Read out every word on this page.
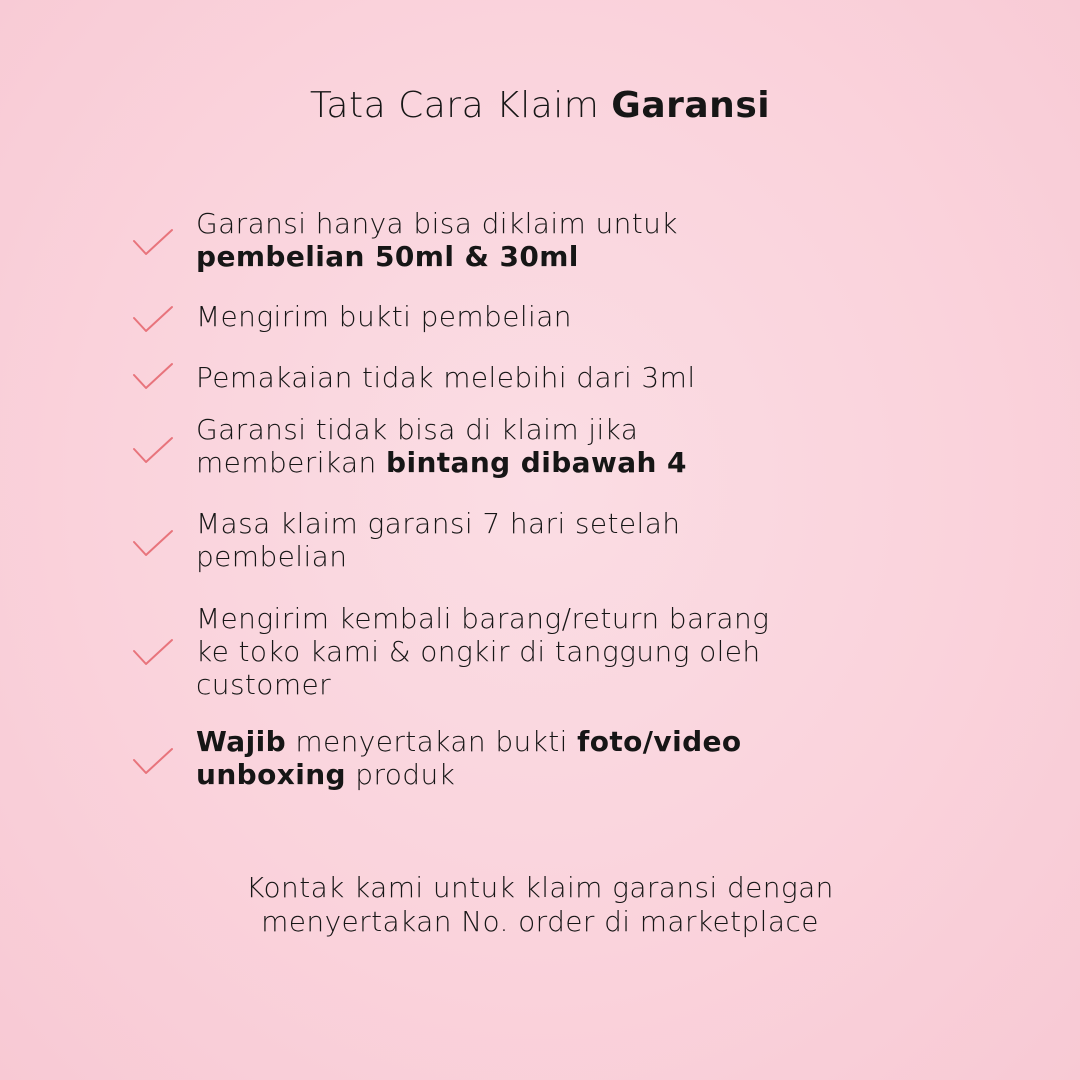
Tata Cara Klaim Garansi
Garansi hanya bisa diklaim untuk
pembelian 50ml & 30ml
Mengirim bukti pembelian
Pemakaian tidak melebihi dari 3ml
Garansi tidak bisa di klaim jika
memberikan bintang dibawah 4
Masa klaim garansi 7 hari setelah
pembelian
Mengirim kembali barang/return barang
ke toko kami & ongkir di tanggung oleh
customer
Wajib menyertakan bukti foto/video
unboxing produk
Kontak kami untuk klaim garansi dengan
menyertakan No. order di marketplace
